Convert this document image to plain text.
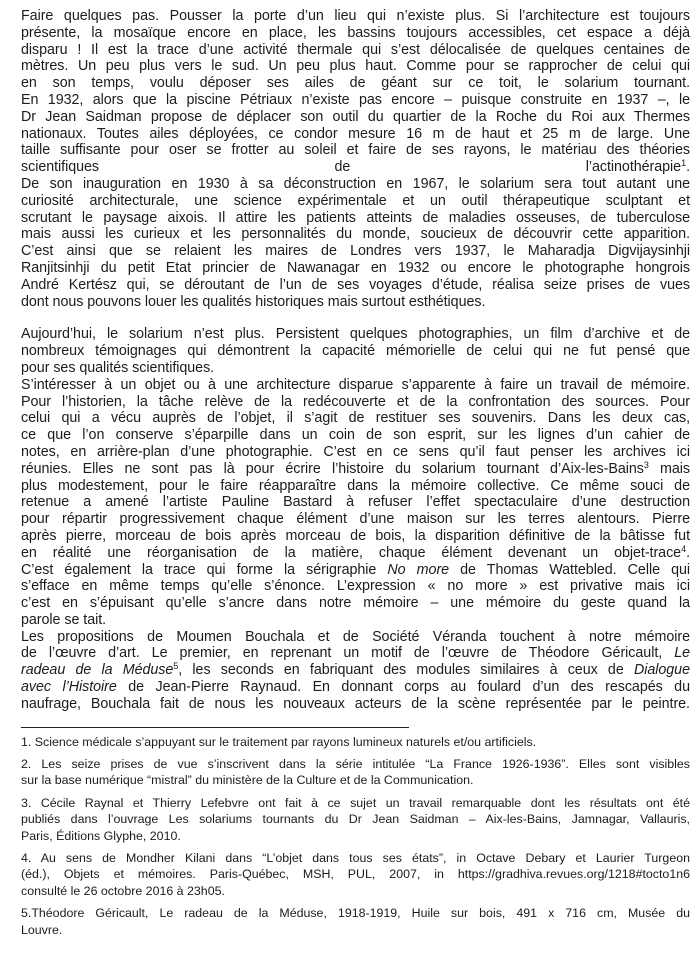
Faire quelques pas. Pousser la porte d’un lieu qui n’existe plus. Si l’architecture est toujours
présente, la mosaïque encore en place, les bassins toujours accessibles, cet espace a déjà
disparu ! Il est la trace d’une activité thermale qui s’est délocalisée de quelques centaines de
mètres. Un peu plus vers le sud. Un peu plus haut. Comme pour se rapprocher de celui qui
en son temps, voulu déposer ses ailes de géant sur ce toit, le solarium tournant.
En 1932, alors que la piscine Pétriaux n’existe pas encore – puisque construite en 1937 –, le
Dr Jean Saidman propose de déplacer son outil du quartier de la Roche du Roi aux Thermes
nationaux. Toutes ailes déployées, ce condor mesure 16 m de haut et 25 m de large. Une
taille suffisante pour oser se frotter au soleil et faire de ses rayons, le matériau des théories
scientifiques de l’actinothérapie$^1$.
De son inauguration en 1930 à sa déconstruction en 1967, le solarium sera tout autant une
curiosité architecturale, une science expérimentale et un outil thérapeutique sculptant et
scrutant le paysage aixois. Il attire les patients atteints de maladies osseuses, de tuberculose
mais aussi les curieux et les personnalités du monde, soucieux de découvrir cette apparition.
C’est ainsi que se relaient les maires de Londres vers 1937, le Maharadja Digvijaysinhji
Ranjitsinhji du petit Etat princier de Nawanagar en 1932 ou encore le photographe hongrois
André Kertész qui, se déroutant de l’un de ses voyages d’étude, réalisa seize prises de vues
dont nous pouvons louer les qualités historiques mais surtout esthétiques.
Aujourd’hui, le solarium n’est plus. Persistent quelques photographies, un film d’archive et de
nombreux témoignages qui démontrent la capacité mémorielle de celui qui ne fut pensé que
pour ses qualités scientifiques.
S’intéresser à un objet ou à une architecture disparue s’apparente à faire un travail de mémoire.
Pour l’historien, la tâche relève de la redécouverte et de la confrontation des sources. Pour
celui qui a vécu auprès de l’objet, il s’agit de restituer ses souvenirs. Dans les deux cas,
ce que l’on conserve s’éparpille dans un coin de son esprit, sur les lignes d’un cahier de
notes, en arrière-plan d’une photographie. C’est en ce sens qu’il faut penser les archives ici
réunies. Elles ne sont pas là pour écrire l’histoire du solarium tournant d’Aix-les-Bains$^3$ mais
plus modestement, pour le faire réapparaître dans la mémoire collective. Ce même souci de
retenue a amené l’artiste Pauline Bastard à refuser l’effet spectaculaire d’une destruction
pour répartir progressivement chaque élément d’une maison sur les terres alentours. Pierre
après pierre, morceau de bois après morceau de bois, la disparition définitive de la bâtisse fut
en réalité une réorganisation de la matière, chaque élément devenant un objet-trace$^4$.
C’est également la trace qui forme la sérigraphie No more de Thomas Wattebled. Celle qui
s’efface en même temps qu’elle s’énonce. L’expression « no more » est privative mais ici
c’est en s’épuisant qu’elle s’ancre dans notre mémoire – une mémoire du geste quand la
parole se tait.
Les propositions de Moumen Bouchala et de Société Véranda touchent à notre mémoire
de l’œuvre d’art. Le premier, en reprenant un motif de l’œuvre de Théodore Géricault, Le
radeau de la Méduse$^5$, les seconds en fabriquant des modules similaires à ceux de Dialogue
avec l’Histoire de Jean-Pierre Raynaud. En donnant corps au foulard d’un des rescapés du
naufrage, Bouchala fait de nous les nouveaux acteurs de la scène représentée par le peintre.
1. Science médicale s’appuyant sur le traitement par rayons lumineux naturels et/ou artificiels.
2. Les seize prises de vue s’inscrivent dans la série intitulée “La France 1926-1936”. Elles sont visibles
sur la base numérique “mistral” du ministère de la Culture et de la Communication.
3. Cécile Raynal et Thierry Lefebvre ont fait à ce sujet un travail remarquable dont les résultats ont été
publiés dans l’ouvrage Les solariums tournants du Dr Jean Saidman – Aix-les-Bains, Jamnagar, Vallauris,
Paris, Éditions Glyphe, 2010.
4. Au sens de Mondher Kilani dans “L’objet dans tous ses états”, in Octave Debary et Laurier Turgeon
(éd.), Objets et mémoires. Paris-Québec, MSH, PUL, 2007, in https://gradhiva.revues.org/1218#tocto1n6
consulté le 26 octobre 2016 à 23h05.
5.Théodore Géricault, Le radeau de la Méduse, 1918-1919, Huile sur bois, 491 x 716 cm, Musée du
Louvre.
